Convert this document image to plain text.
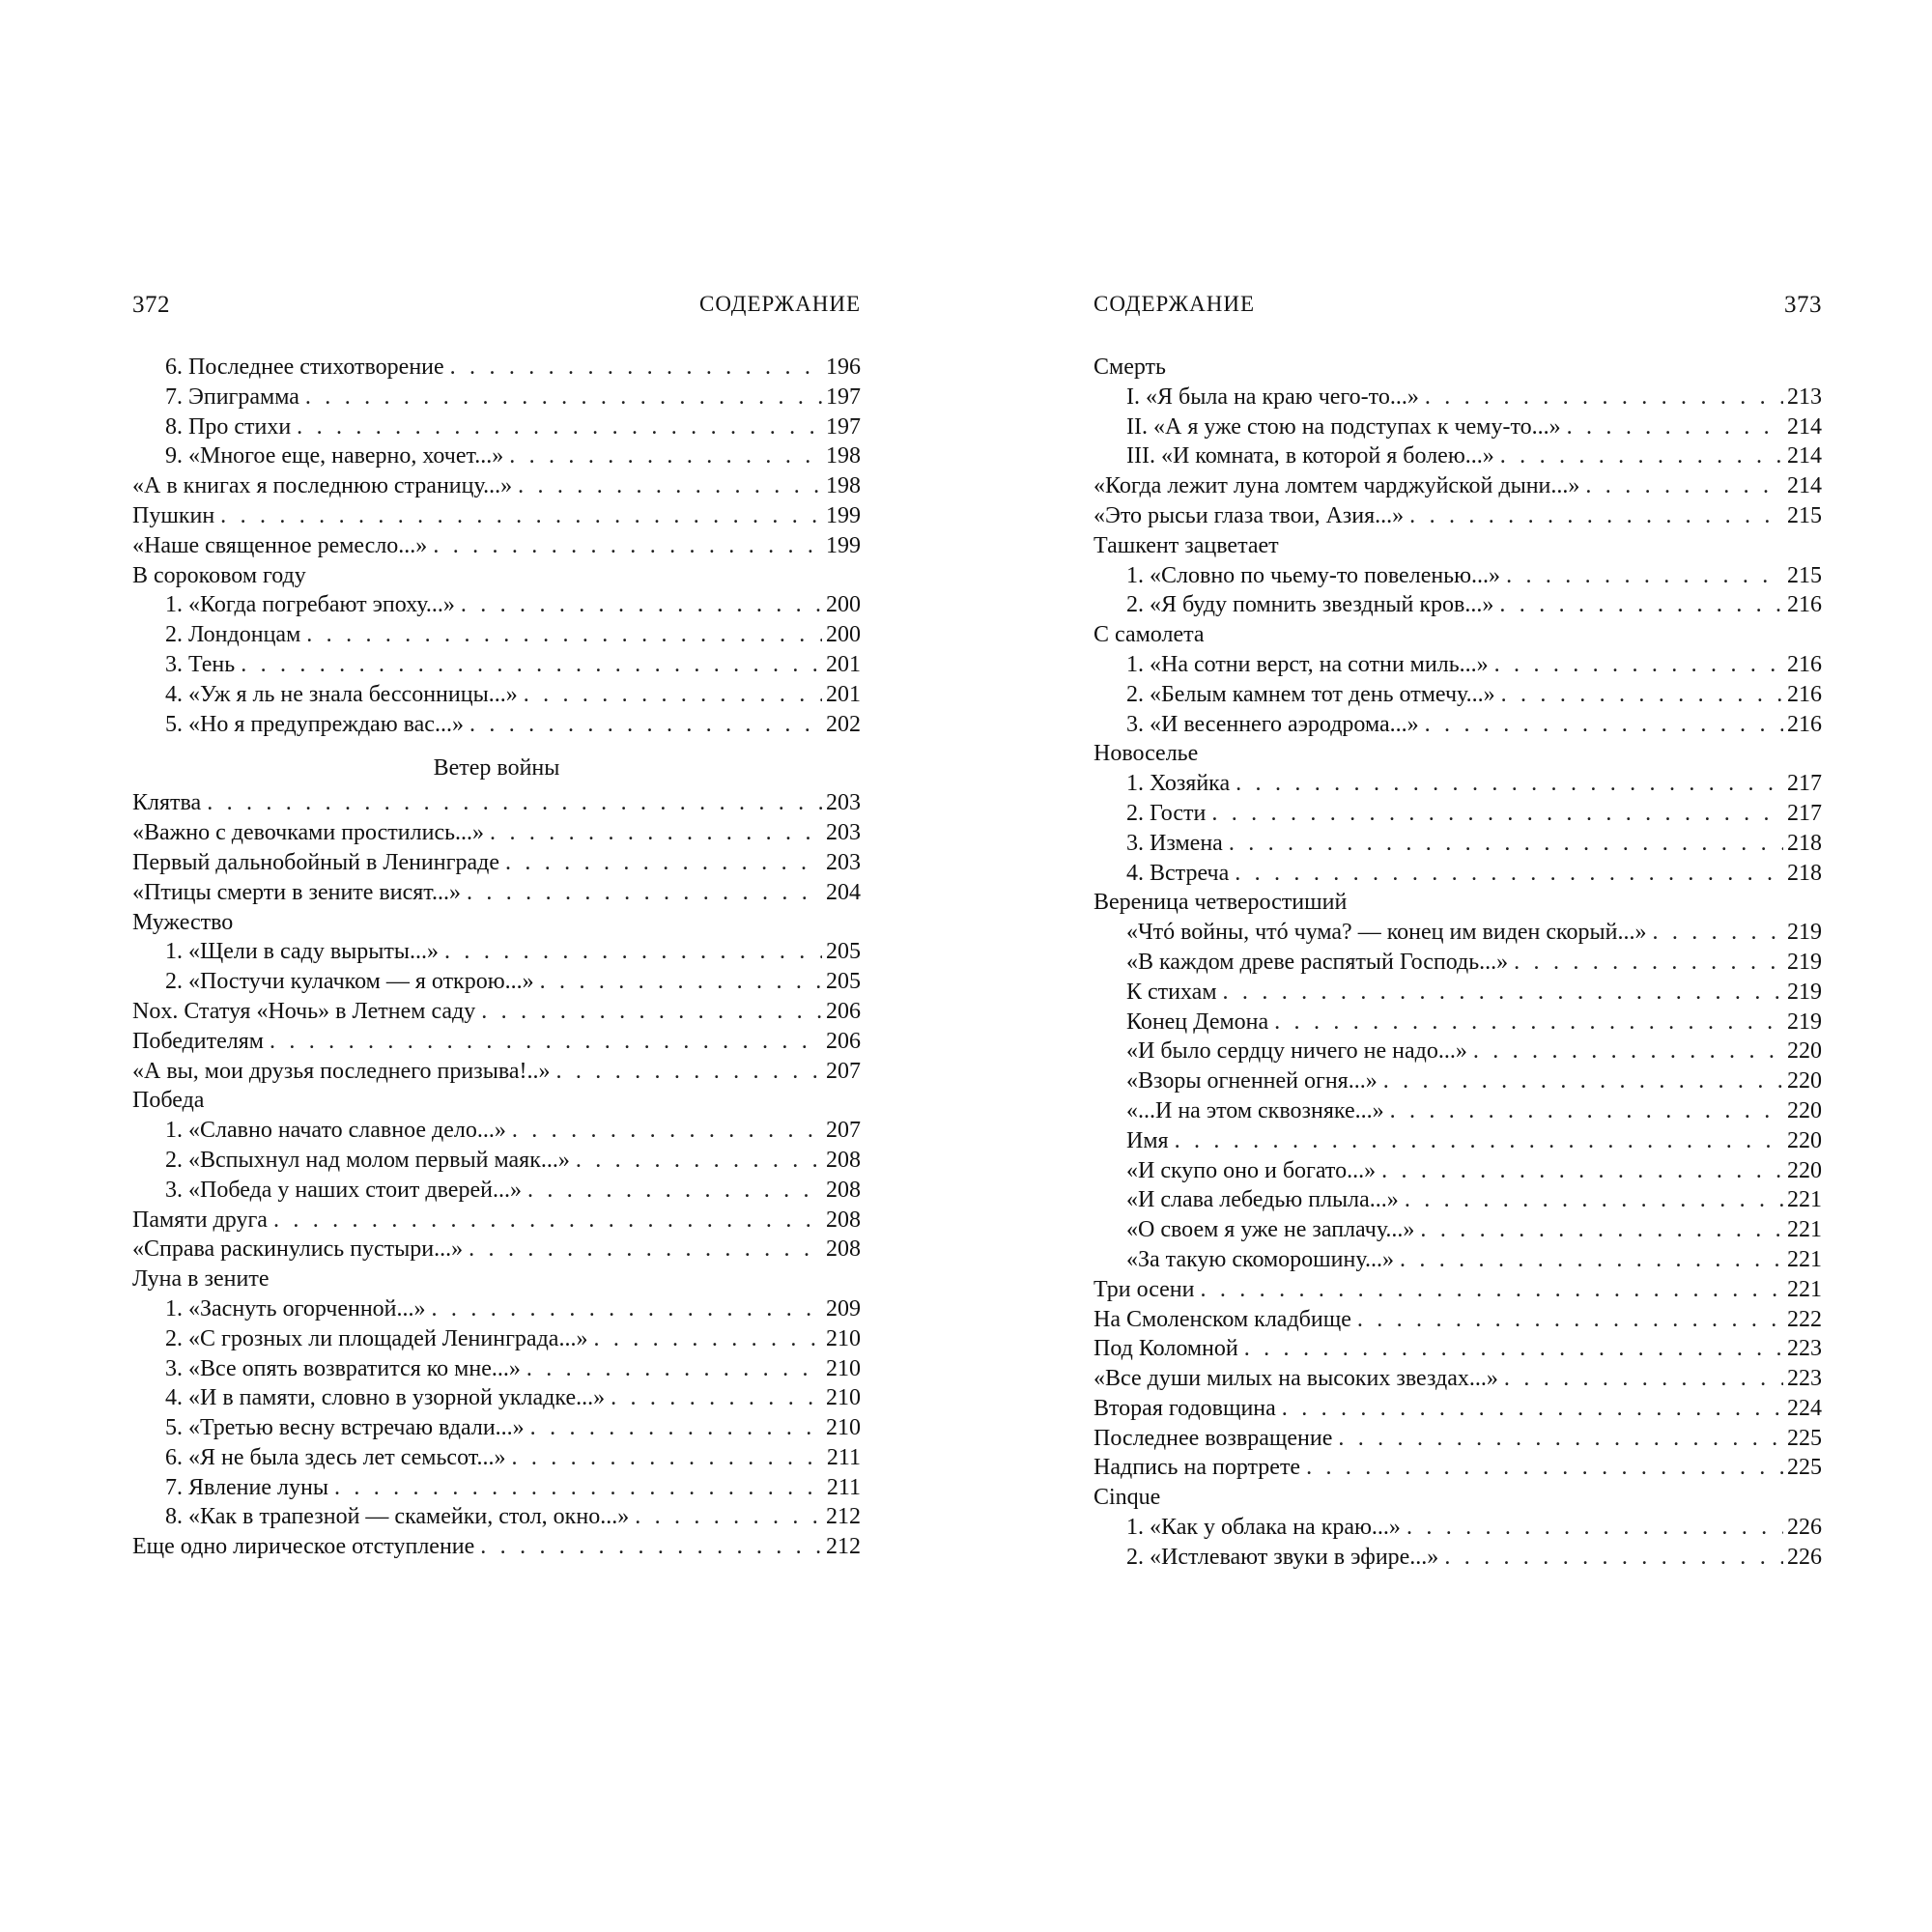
372	СОДЕРЖАНИЕ
6. Последнее стихотворение . . .	196
7. Эпиграмма . . .	197
8. Про стихи . . .	197
9. «Многое еще, наверно, хочет...» . . .	198
«А в книгах я последнюю страницу...» . . .	198
Пушкин . . .	199
«Наше священное ремесло...» . . .	199
В сороковом году
1. «Когда погребают эпоху...» . . .	200
2. Лондонцам . . .	200
3. Тень . . .	201
4. «Уж я ль не знала бессонницы...» . . .	201
5. «Но я предупреждаю вас...» . . .	202
Ветер войны
Клятва . . .	203
«Важно с девочками простились...» . . .	203
Первый дальнобойный в Ленинграде . . .	203
«Птицы смерти в зените висят...» . . .	204
Мужество
1. «Щели в саду вырыты...» . . .	205
2. «Постучи кулачком — я открою...» . . .	205
Nox. Статуя «Ночь» в Летнем саду . . .	206
Победителям . . .	206
«А вы, мои друзья последнего призыва!..» . . .	207
Победа
1. «Славно начато славное дело...» . . .	207
2. «Вспыхнул над молом первый маяк...» . . .	208
3. «Победа у наших стоит дверей...» . . .	208
Памяти друга . . .	208
«Справа раскинулись пустыри...» . . .	208
Луна в зените
1. «Заснуть огорченной...» . . .	209
2. «С грозных ли площадей Ленинграда...» . . .	210
3. «Все опять возвратится ко мне...» . . .	210
4. «И в памяти, словно в узорной укладке...» . . .	210
5. «Третью весну встречаю вдали...» . . .	210
6. «Я не была здесь лет семьсот...» . . .	211
7. Явление луны . . .	211
8. «Как в трапезной — скамейки, стол, окно...» . . .	212
Еще одно лирическое отступление . . .	212
СОДЕРЖАНИЕ	373
Смерть
I. «Я была на краю чего-то...» . . .	213
II. «А я уже стою на подступах к чему-то...» . . .	214
III. «И комната, в которой я болею...» . . .	214
«Когда лежит луна ломтем чарджуйской дыни...» . . .	214
«Это рысьи глаза твои, Азия...» . . .	215
Ташкент зацветает
1. «Словно по чьему-то повеленью...» . . .	215
2. «Я буду помнить звездный кров...» . . .	216
С самолета
1. «На сотни верст, на сотни миль...» . . .	216
2. «Белым камнем тот день отмечу...» . . .	216
3. «И весеннего аэродрома...» . . .	216
Новоселье
1. Хозяйка . . .	217
2. Гости . . .	217
3. Измена . . .	218
4. Встреча . . .	218
Вереница четверостиший
«Чтó войны, чтó чума? — конец им виден скорый...» . . .	219
«В каждом древе распятый Господь...» . . .	219
К стихам . . .	219
Конец Демона . . .	219
«И было сердцу ничего не надо...» . . .	220
«Взоры огненней огня...» . . .	220
«...И на этом сквозняке...» . . .	220
Имя . . .	220
«И скупо оно и богато...» . . .	220
«И слава лебедью плыла...» . . .	221
«О своем я уже не заплачу...» . . .	221
«За такую скоморошину...» . . .	221
Три осени . . .	221
На Смоленском кладбище . . .	222
Под Коломной . . .	223
«Все души милых на высоких звездах...» . . .	223
Вторая годовщина . . .	224
Последнее возвращение . . .	225
Надпись на портрете . . .	225
Cinque
1. «Как у облака на краю...» . . .	226
2. «Истлевают звуки в эфире...» . . .	226
